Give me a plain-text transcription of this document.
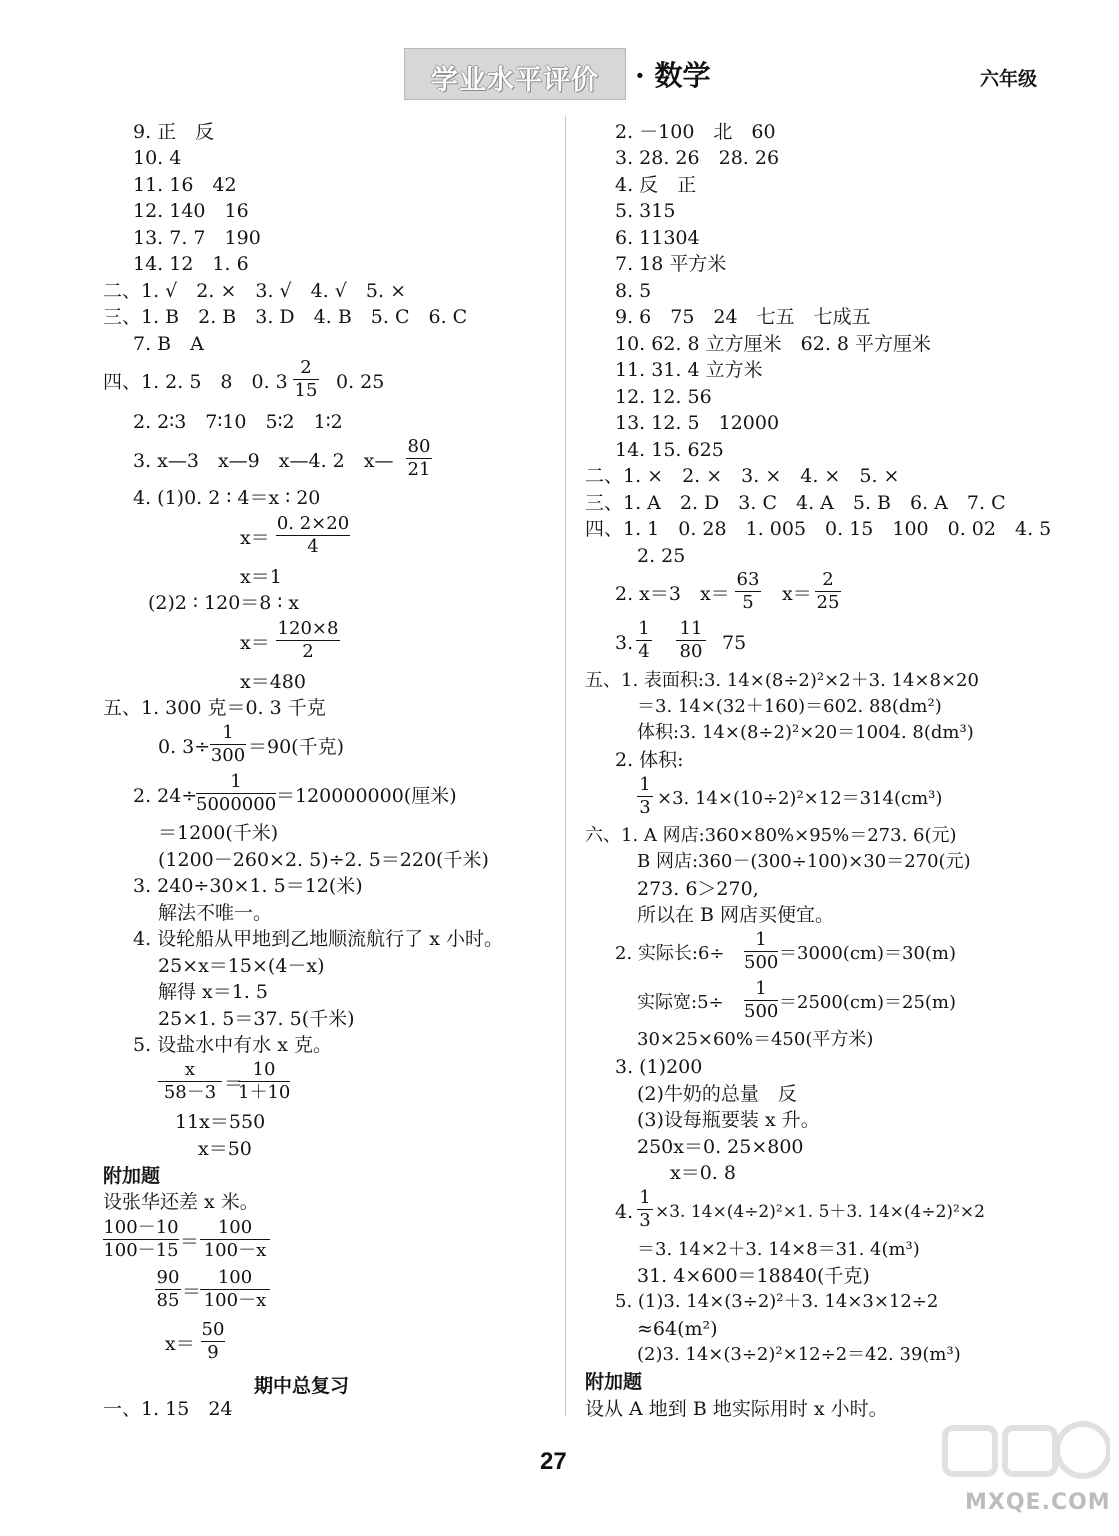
学业水平评价	· 数学	六年级
9. 正　反
10. 4
11. 16　42
12. 140　16
13. 7. 7　190
14. 12　1. 6
二、1. √　2. ×　3. √　4. √　5. ×
三、1. B　2. B　3. D　4. B　5. C　6. C
7. B　A
四、1. 2. 5　8　0. 3
2
15 0. 25
2. 2∶3　7∶10　5∶2　1∶2
3. x—3　x—9　x—4. 2　x—
80
21
4. (1)0. 2 ∶ 4＝x ∶ 20
x＝
0. 2×20
4
x＝1
(2)2 ∶ 120＝8 ∶ x
x＝
120×8
2
x＝480
五、1. 300 克＝0. 3 千克
0. 3÷
1
300 ＝90(千克)
2. 24÷
1
5000000 ＝120000000(厘米)
＝1200(千米)
(1200－260×2. 5)÷2. 5＝220(千米)
3. 240÷30×1. 5＝12(米)
解法不唯一。
4. 设轮船从甲地到乙地顺流航行了 x 小时。
25×x＝15×(4－x)
解得 x＝1. 5
25×1. 5＝37. 5(千米)
5. 设盐水中有水 x 克。
x
58－3 ＝
10
1＋10
11x＝550
x＝50
附加题
设张华还差 x 米。
100－10
100－15 ＝
100
100－x
90
85 ＝
100
100－x
x＝
50
9
期中总复习
一、1. 15　24
2. －100　北　60
3. 28. 26　28. 26
4. 反　正
5. 315
6. 11304
7. 18 平方米
8. 5
9. 6　75　24　七五　七成五
10. 62. 8 立方厘米　62. 8 平方厘米
11. 31. 4 立方米
12. 12. 56
13. 12. 5　12000
14. 15. 625
二、1. ×　2. ×　3. ×　4. ×　5. ×
三、1. A　2. D　3. C　4. A　5. B　6. A　7. C
四、1. 1　0. 28　1. 005　0. 15　100　0. 02　4. 5
2. 25
2. x＝3　x＝
63
5	x＝
2
25
3.
1
4
11
80 75
五、1. 表面积:3. 14×(8÷2)²×2＋3. 14×8×20
＝3. 14×(32＋160)＝602. 88(dm²)
体积:3. 14×(8÷2)²×20＝1004. 8(dm³)
2. 体积:
1
3 ×3. 14×(10÷2)²×12＝314(cm³)
六、1. A 网店:360×80%×95%＝273. 6(元)
B 网店:360－(300÷100)×30＝270(元)
273. 6＞270,
所以在 B 网店买便宜。
2. 实际长:6÷
1
500 ＝3000(cm)＝30(m)
实际宽:5÷
1
500 ＝2500(cm)＝25(m)
30×25×60%＝450(平方米)
3. (1)200
(2)牛奶的总量　反
(3)设每瓶要装 x 升。
250x＝0. 25×800
x＝0. 8
4.
1
3 ×3. 14×(4÷2)²×1. 5＋3. 14×(4÷2)²×2
＝3. 14×2＋3. 14×8＝31. 4(m³)
31. 4×600＝18840(千克)
5. (1)3. 14×(3÷2)²＋3. 14×3×12÷2
≈64(m²)
(2)3. 14×(3÷2)²×12÷2＝42. 39(m³)
附加题
设从 A 地到 B 地实际用时 x 小时。
27
MXQE.COM
